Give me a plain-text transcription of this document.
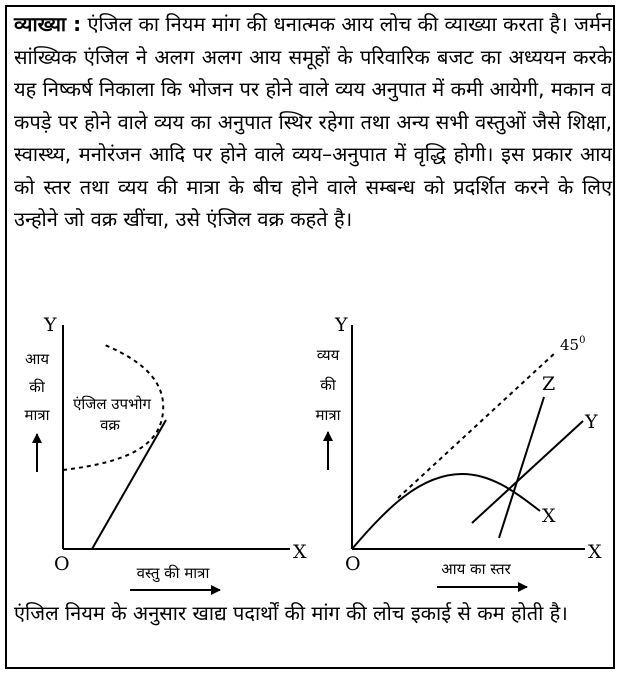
व्याख्या : एंजिल का नियम मांग की धनात्मक आय लोच की व्याख्या करता है। जर्मन सांख्यिक एंजिल ने अलग अलग आय समूहों के परिवारिक बजट का अध्ययन करके यह निष्कर्ष निकाला कि भोजन पर होने वाले व्यय अनुपात में कमी आयेगी, मकान व कपड़े पर होने वाले व्यय का अनुपात स्थिर रहेगा तथा अन्य सभी वस्तुओं जैसे शिक्षा, स्वास्थ्य, मनोरंजन आदि पर होने वाले व्यय–अनुपात में वृद्धि होगी। इस प्रकार आय को स्तर तथा व्यय की मात्रा के बीच होने वाले सम्बन्ध को प्रदर्शित करने के लिए उन्होने जो वक्र खींचा, उसे एंजिल वक्र कहते है।

Y
X
O
आय
की
मात्रा
एंजिल उपभोग
वक्र
वस्तु की मात्रा
Y
X
O
व्यय
की
मात्रा
$45^0$
X
Y
Z
आय का स्तर

एंजिल नियम के अनुसार खाद्य पदार्थों की मांग की लोच इकाई से कम होती है।
